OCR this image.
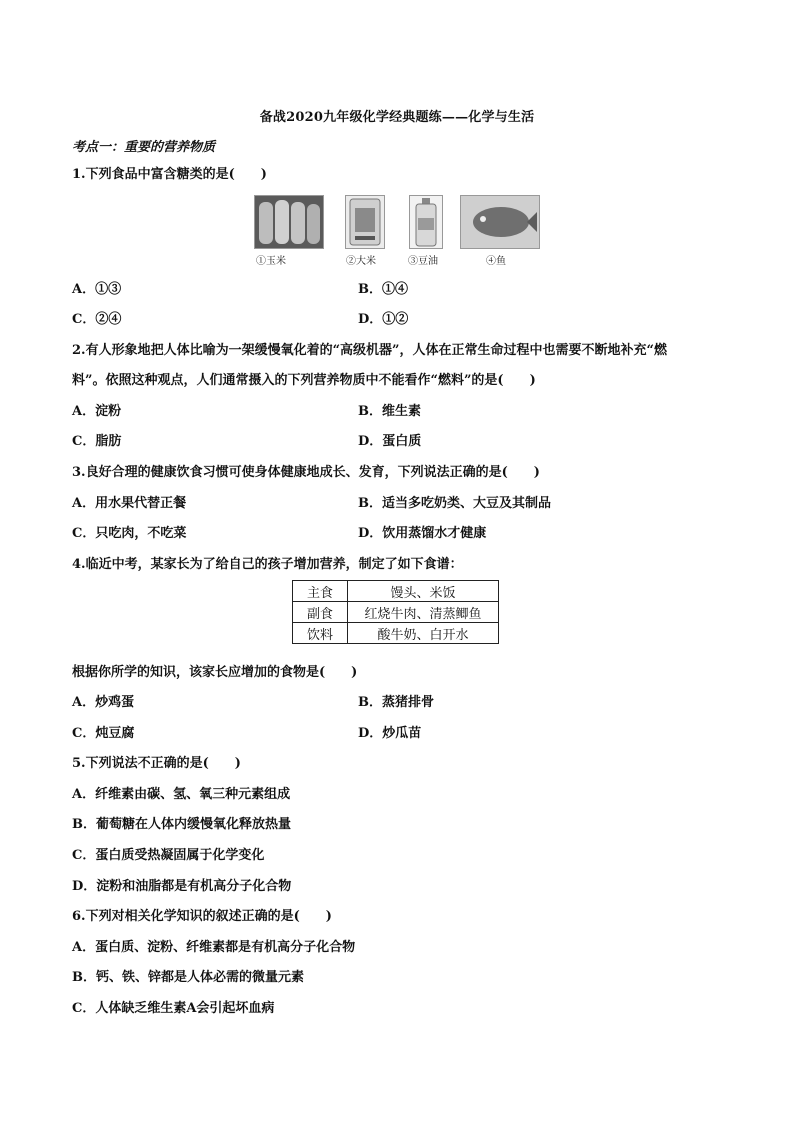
备战2020九年级化学经典题练——化学与生活
考点一：重要的营养物质
1.下列食品中富含糖类的是(　　)
①玉米	②大米	③豆油	④鱼
A．①③	B．①④
C．②④	D．①②
2.有人形象地把人体比喻为一架缓慢氧化着的“高级机器”，人体在正常生命过程中也需要不断地补充“燃
料”。依照这种观点，人们通常摄入的下列营养物质中不能看作“燃料”的是(　　)
A．淀粉	B．维生素
C．脂肪	D．蛋白质
3.良好合理的健康饮食习惯可使身体健康地成长、发育，下列说法正确的是(　　)
A．用水果代替正餐	B．适当多吃奶类、大豆及其制品
C．只吃肉，不吃菜	D．饮用蒸馏水才健康
4.临近中考，某家长为了给自己的孩子增加营养，制定了如下食谱：
主食	馒头、米饭
副食	红烧牛肉、清蒸鲫鱼
饮料	酸牛奶、白开水
根据你所学的知识，该家长应增加的食物是(　　)
A．炒鸡蛋	B．蒸猪排骨
C．炖豆腐	D．炒瓜苗
5.下列说法不正确的是(　　)
A．纤维素由碳、氢、氧三种元素组成
B．葡萄糖在人体内缓慢氧化释放热量
C．蛋白质受热凝固属于化学变化
D．淀粉和油脂都是有机高分子化合物
6.下列对相关化学知识的叙述正确的是(　　)
A．蛋白质、淀粉、纤维素都是有机高分子化合物
B．钙、铁、锌都是人体必需的微量元素
C．人体缺乏维生素A会引起坏血病
